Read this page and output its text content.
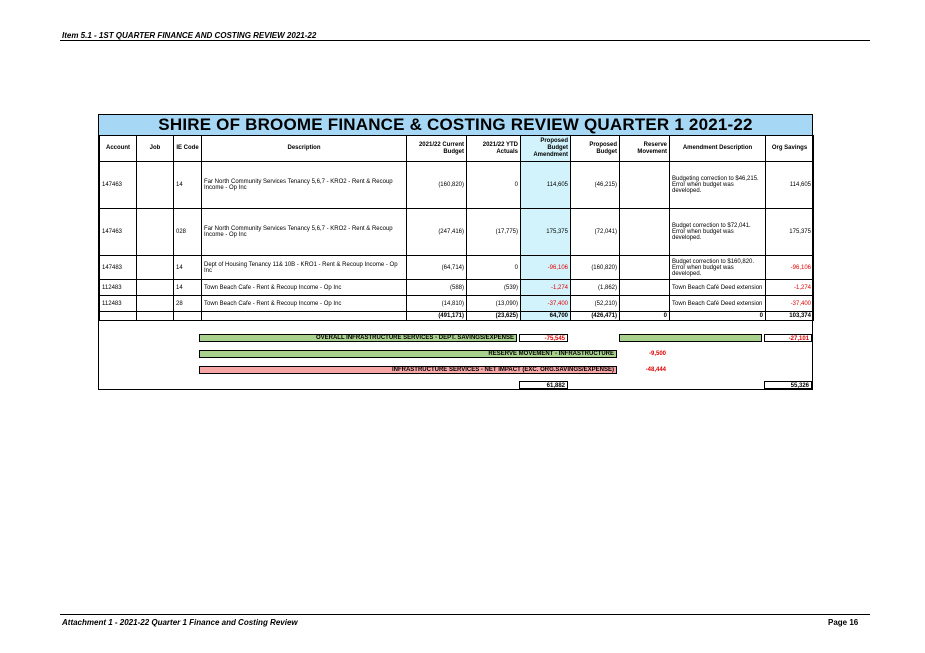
Item 5.1 - 1ST QUARTER FINANCE AND COSTING REVIEW 2021-22
SHIRE OF BROOME FINANCE & COSTING REVIEW QUARTER 1 2021-22
Account	Job	IE Code	Description	2021/22 Current Budget	2021/22 YTD Actuals	Proposed Budget Amendment	Proposed Budget	Reserve Movement	Amendment Description	Org Savings
147463		14	Far North Community Services Tenancy 5,6,7 - KRO2 - Rent & Recoup Income - Op Inc	(160,820)	0	114,605	(46,215)		Budgeting correction to $46,215. Error when budget was developed.	114,605
147463		028	Far North Community Services Tenancy 5,6,7 - KRO2 - Rent & Recoup Income - Op Inc	(247,416)	(17,775)	175,375	(72,041)		Budget correction to $72,041. Error when budget was developed.	175,375
147483		14	Dept of Housing Tenancy 11& 10B - KRO1 - Rent & Recoup Income - Op Inc	(64,714)	0	-96,106	(160,820)		Budget correction to $160,820. Error when budget was developed.	-96,106
112483		14	Town Beach Cafe - Rent & Recoup Income - Op Inc	(588)	(539)	-1,274	(1,862)		Town Beach Café Deed extension	-1,274
112483		28	Town Beach Cafe - Rent & Recoup Income - Op Inc	(14,810)	(13,090)	-37,400	(52,210)		Town Beach Café Deed extension	-37,400
				(491,171)	(23,625)	64,700	(426,471)	0	0	103,374
OVERALL INFRASTRUCTURE SERVICES - DEPT. SAVINGS/EXPENSE	-75,545	-27,101
RESERVE MOVEMENT - INFRASTRUCTURE	-9,500
INFRASTRUCTURE SERVICES - NET IMPACT (EXC. ORG.SAVINGS/EXPENSE)	-48,444
61,882	55,326
Attachment 1 - 2021-22 Quarter 1 Finance and Costing Review	Page 16
